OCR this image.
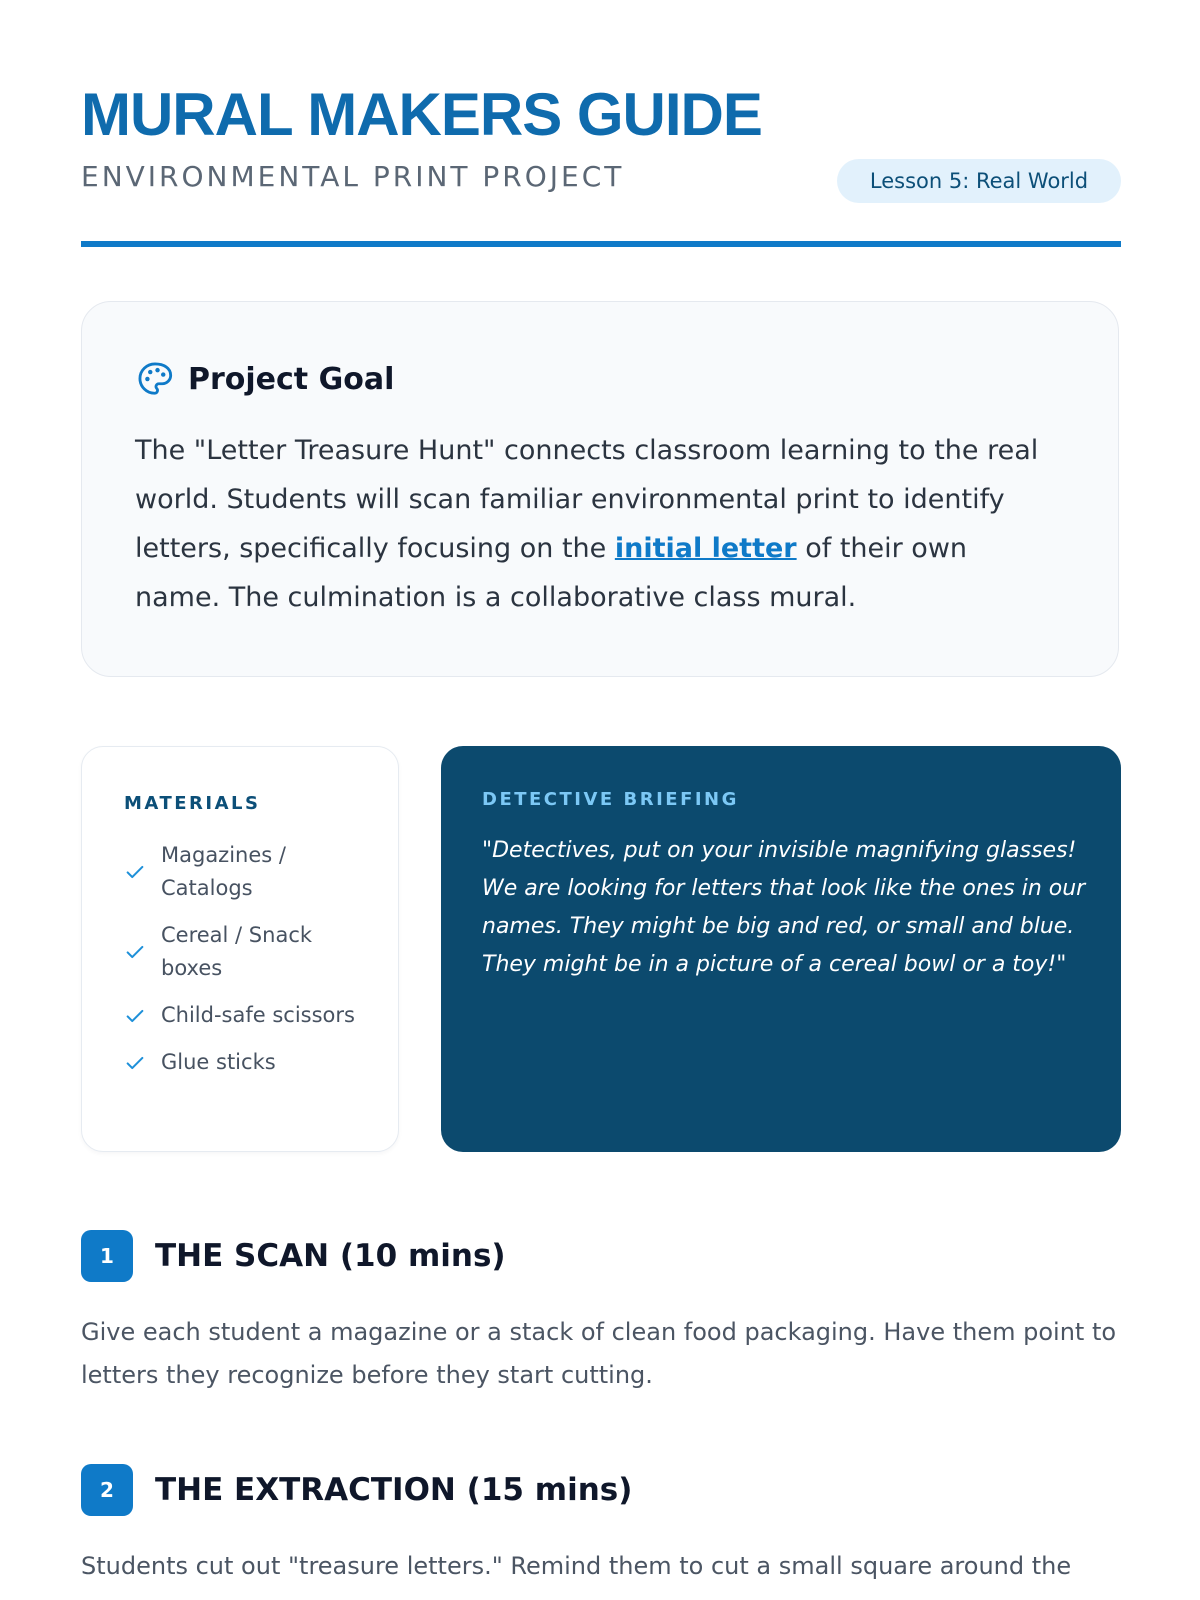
MURAL MAKERS GUIDE
ENVIRONMENTAL PRINT PROJECT	Lesson 5: Real World
Project Goal

The "Letter Treasure Hunt" connects classroom learning to the real world. Students will scan familiar environmental print to identify letters, specifically focusing on the initial letter of their own name. The culmination is a collaborative class mural.

MATERIALS
Magazines / Catalogs
Cereal / Snack boxes
Child-safe scissors
Glue sticks
DETECTIVE BRIEFING

"Detectives, put on your invisible magnifying glasses! We are looking for letters that look like the ones in our names. They might be big and red, or small and blue. They might be in a picture of a cereal bowl or a toy!"

1	THE SCAN (10 mins)

Give each student a magazine or a stack of clean food packaging. Have them point to letters they recognize before they start cutting.

2	THE EXTRACTION (15 mins)

Students cut out "treasure letters." Remind them to cut a small square around the
